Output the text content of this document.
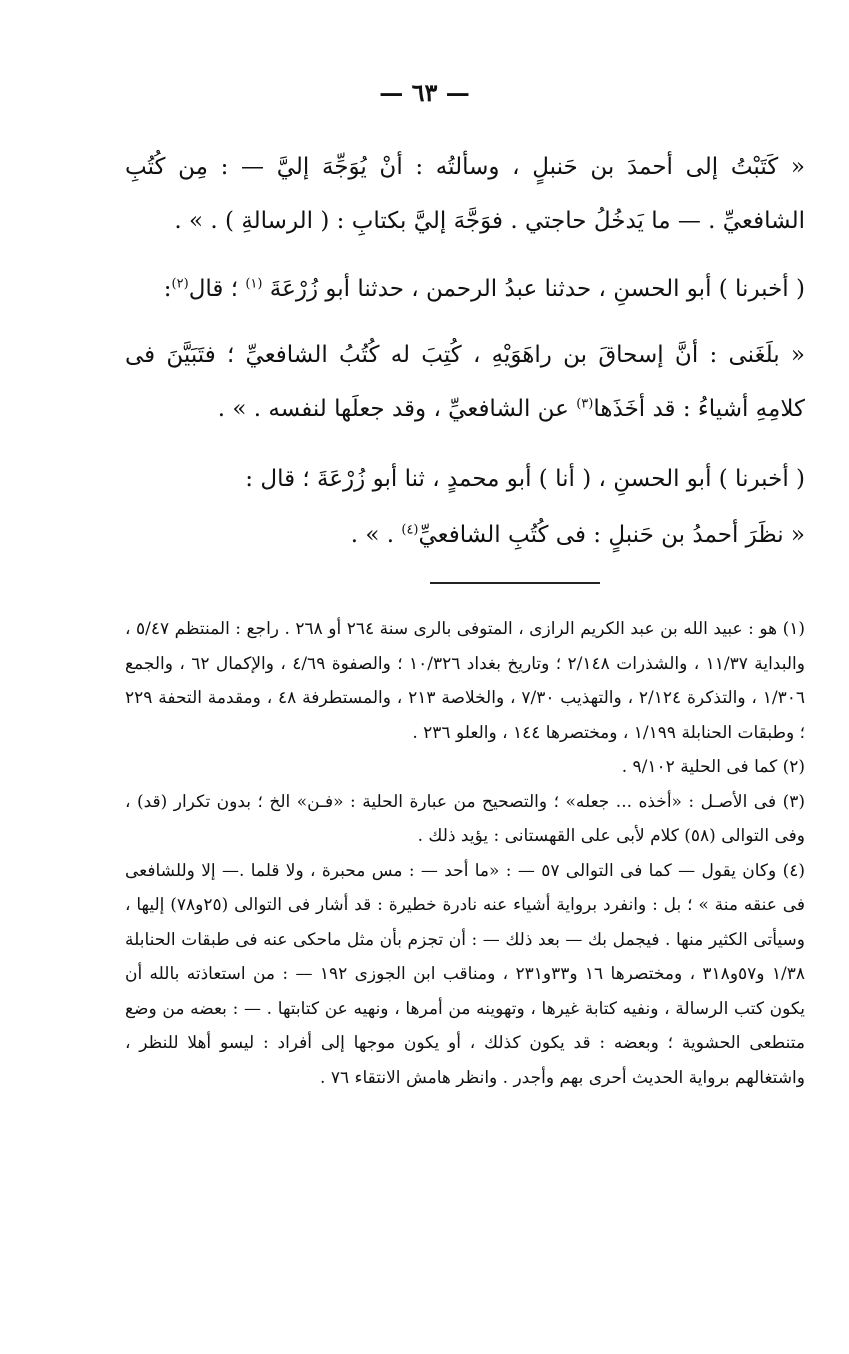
— ٦٣ —

« كَتَبْتُ إلى أحمدَ بن حَنبلٍ ، وسألتُه : أنْ يُوَجِّهَ إليَّ — : مِن كُتُبِ الشافعيِّ . — ما يَدخُلُ حاجتي . فوَجَّهَ إليَّ بكتابِ : ( الرسالةِ ) . » .

( أخبرنا ) أبو الحسنِ ، حدثنا عبدُ الرحمن ، حدثنا أبو زُرْعَةَ $^{(١)}$ ؛ قال$^{(٢)}$:

« بلَغَنى : أنَّ إسحاقَ بن راهَوَيْهِ ، كُتِبَ له كُتُبُ الشافعيِّ ؛ فتَبَيَّنَ فى كلامِهِ أشياءُ : قد أخَذَها$^{(٣)}$ عن الشافعيِّ ، وقد جعلَها لنفسه . » .

( أخبرنا ) أبو الحسنِ ، ( أنا ) أبو محمدٍ ، ثنا أبو زُرْعَةَ ؛ قال :

« نظَرَ أحمدُ بن حَنبلٍ : فى كُتُبِ الشافعيِّ$^{(٤)}$ . » .

(١) هو : عبيد الله بن عبد الكريم الرازى ، المتوفى بالرى سنة ٢٦٤ أو ٢٦٨ . راجع : المنتظم ٥/٤٧ ، والبداية ١١/٣٧ ، والشذرات ٢/١٤٨ ؛ وتاريخ بغداد ١٠/٣٢٦ ؛ والصفوة ٤/٦٩ ، والإكمال ٦٢ ، والجمع ١/٣٠٦ ، والتذكرة ٢/١٢٤ ، والتهذيب ٧/٣٠ ، والخلاصة ٢١٣ ، والمستطرفة ٤٨ ، ومقدمة التحفة ٢٢٩ ؛ وطبقات الحنابلة ١/١٩٩ ، ومختصرها ١٤٤ ، والعلو ٢٣٦ .

(٢) كما فى الحلية ٩/١٠٢ .

(٣) فى الأصـل : «أخذه ... جعله» ؛ والتصحيح من عبارة الحلية : «فـن» الخ ؛ بدون تكرار (قد) ، وفى التوالى (٥٨) كلام لأبى على القهستانى : يؤيد ذلك .

(٤) وكان يقول — كما فى التوالى ٥٧ — : «ما أحد — : مس محبرة ، ولا قلما .— إلا وللشافعى فى عنقه منة » ؛ بل : وانفرد برواية أشياء عنه نادرة خطيرة : قد أشار فى التوالى (٢٥و٧٨) إليها ، وسيأتى الكثير منها . فيجمل بك — بعد ذلك — : أن تجزم بأن مثل ماحكى عنه فى طبقات الحنابلة ١/٣٨ و٥٧و٣١٨ ، ومختصرها ١٦ و٣٣و٢٣١ ، ومناقب ابن الجوزى ١٩٢ — : من استعاذته بالله أن يكون كتب الرسالة ، ونفيه كتابة غيرها ، وتهوينه من أمرها ، ونهيه عن كتابتها . — : بعضه من وضع متنطعى الحشوية ؛ وبعضه : قد يكون كذلك ، أو يكون موجها إلى أفراد : ليسو أهلا للنظر ، واشتغالهم برواية الحديث أحرى بهم وأجدر . وانظر هامش الانتقاء ٧٦ .
